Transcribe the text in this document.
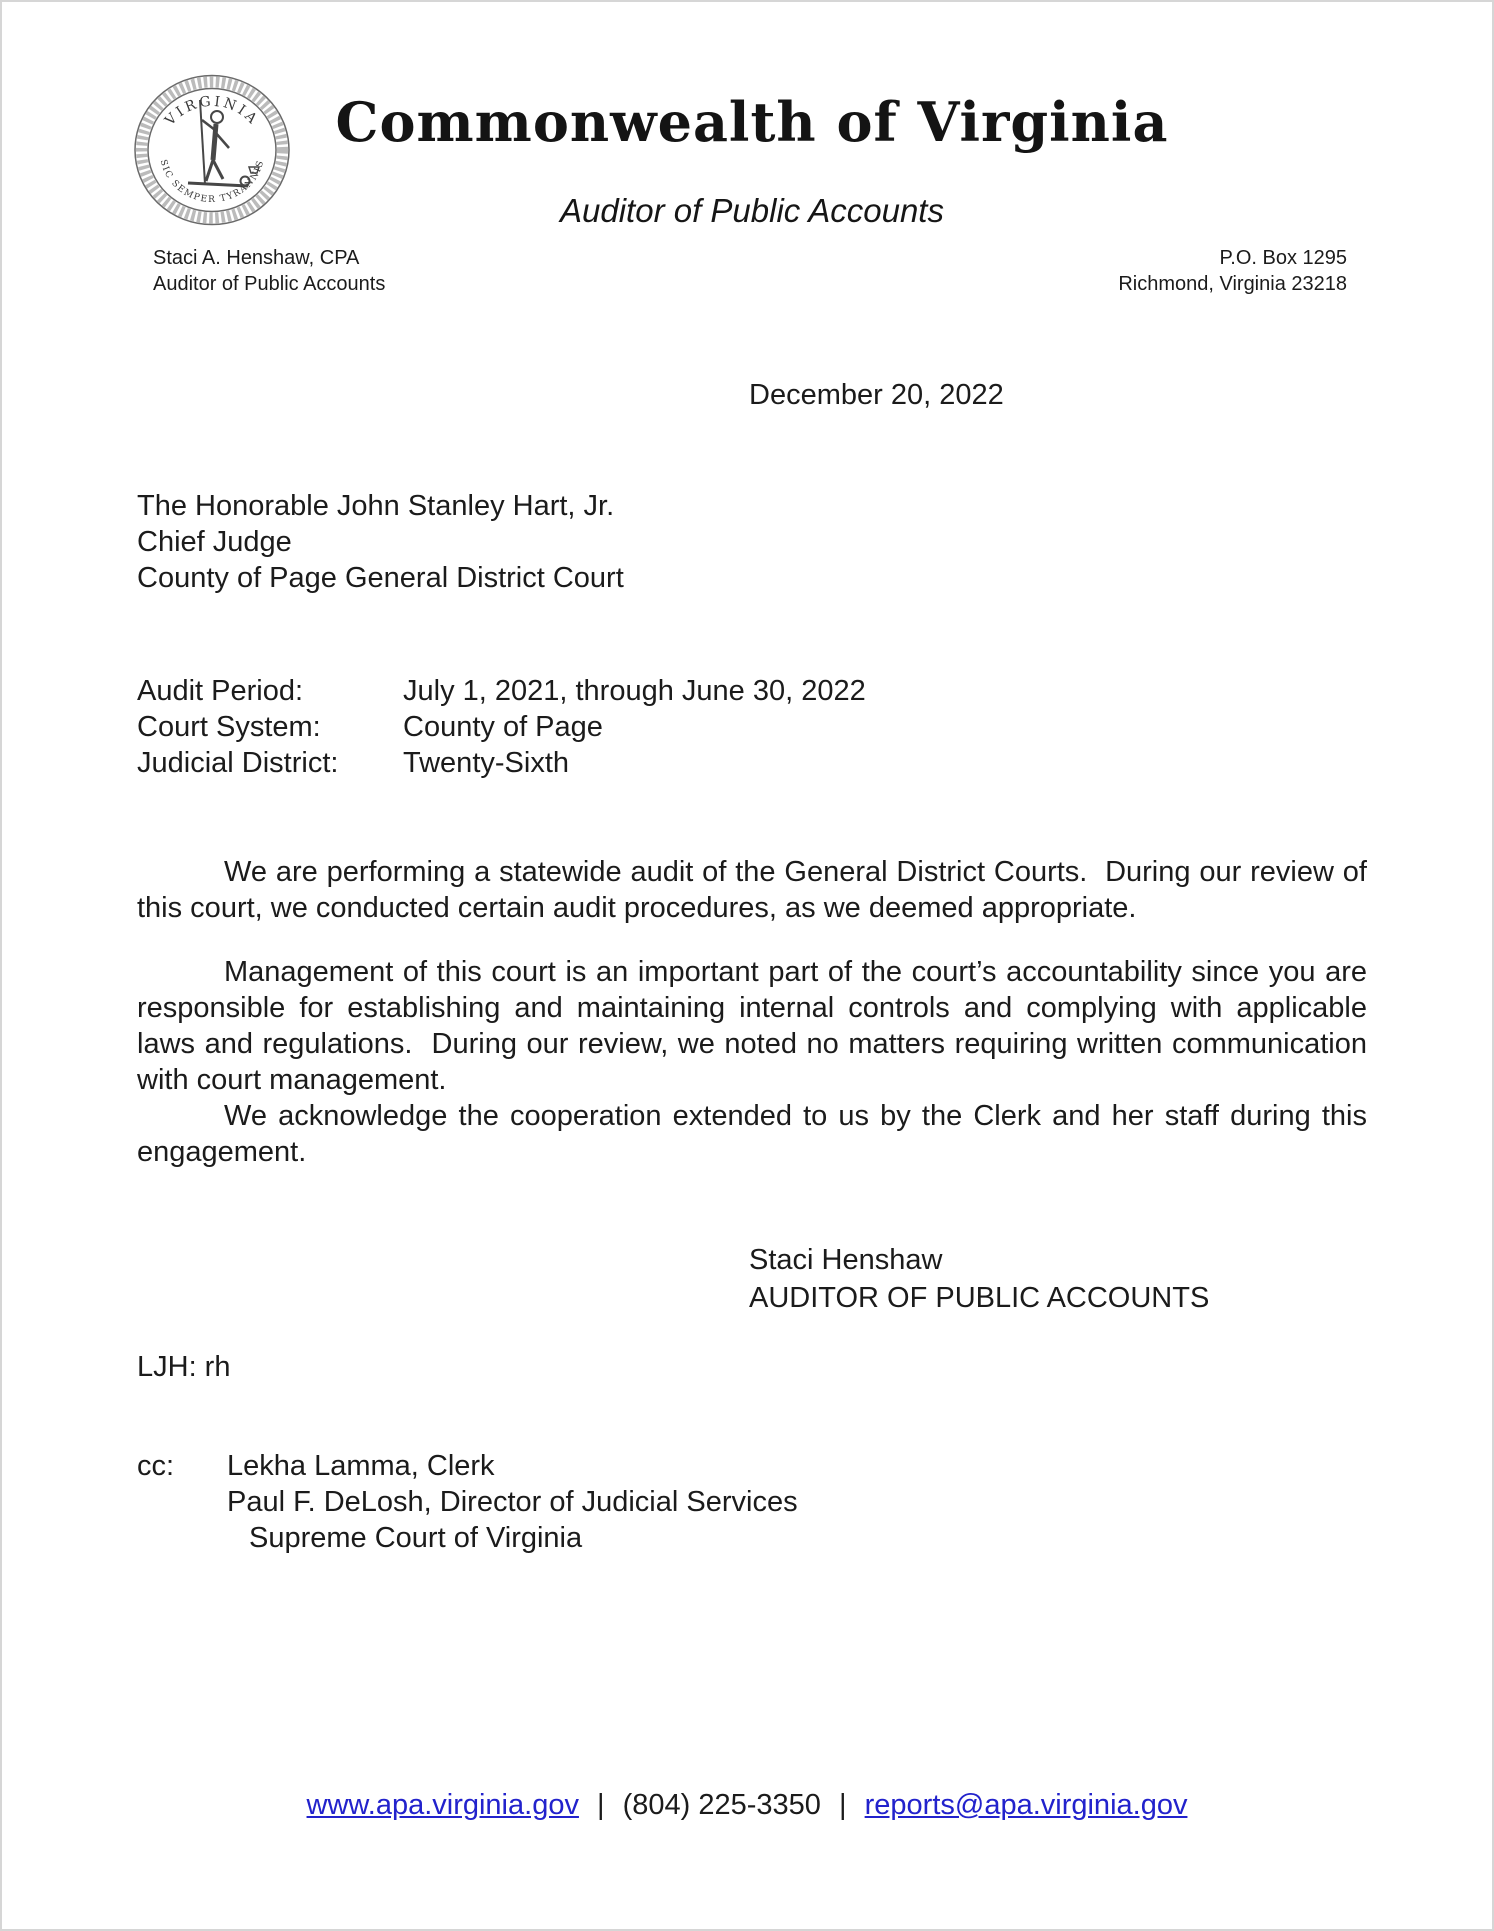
VIRGINIA
SIC SEMPER TYRANNIS
Commonwealth of Virginia
Auditor of Public Accounts
Staci A. Henshaw, CPA
Auditor of Public Accounts
P.O. Box 1295
Richmond, Virginia 23218
December 20, 2022
The Honorable John Stanley Hart, Jr.
Chief Judge
County of Page General District Court
Audit Period:	July 1, 2021, through June 30, 2022
Court System:	County of Page
Judicial District:	Twenty-Sixth
We are performing a statewide audit of the General District Courts.  During our review of this court, we conducted certain audit procedures, as we deemed appropriate.
Management of this court is an important part of the court’s accountability since you are responsible for establishing and maintaining internal controls and complying with applicable laws and regulations.  During our review, we noted no matters requiring written communication with court management.
We acknowledge the cooperation extended to us by the Clerk and her staff during this engagement.
Staci Henshaw
AUDITOR OF PUBLIC ACCOUNTS
LJH: rh
cc:	Lekha Lamma, Clerk
Paul F. DeLosh, Director of Judicial Services
Supreme Court of Virginia
www.apa.virginia.gov | (804) 225-3350 | reports@apa.virginia.gov
